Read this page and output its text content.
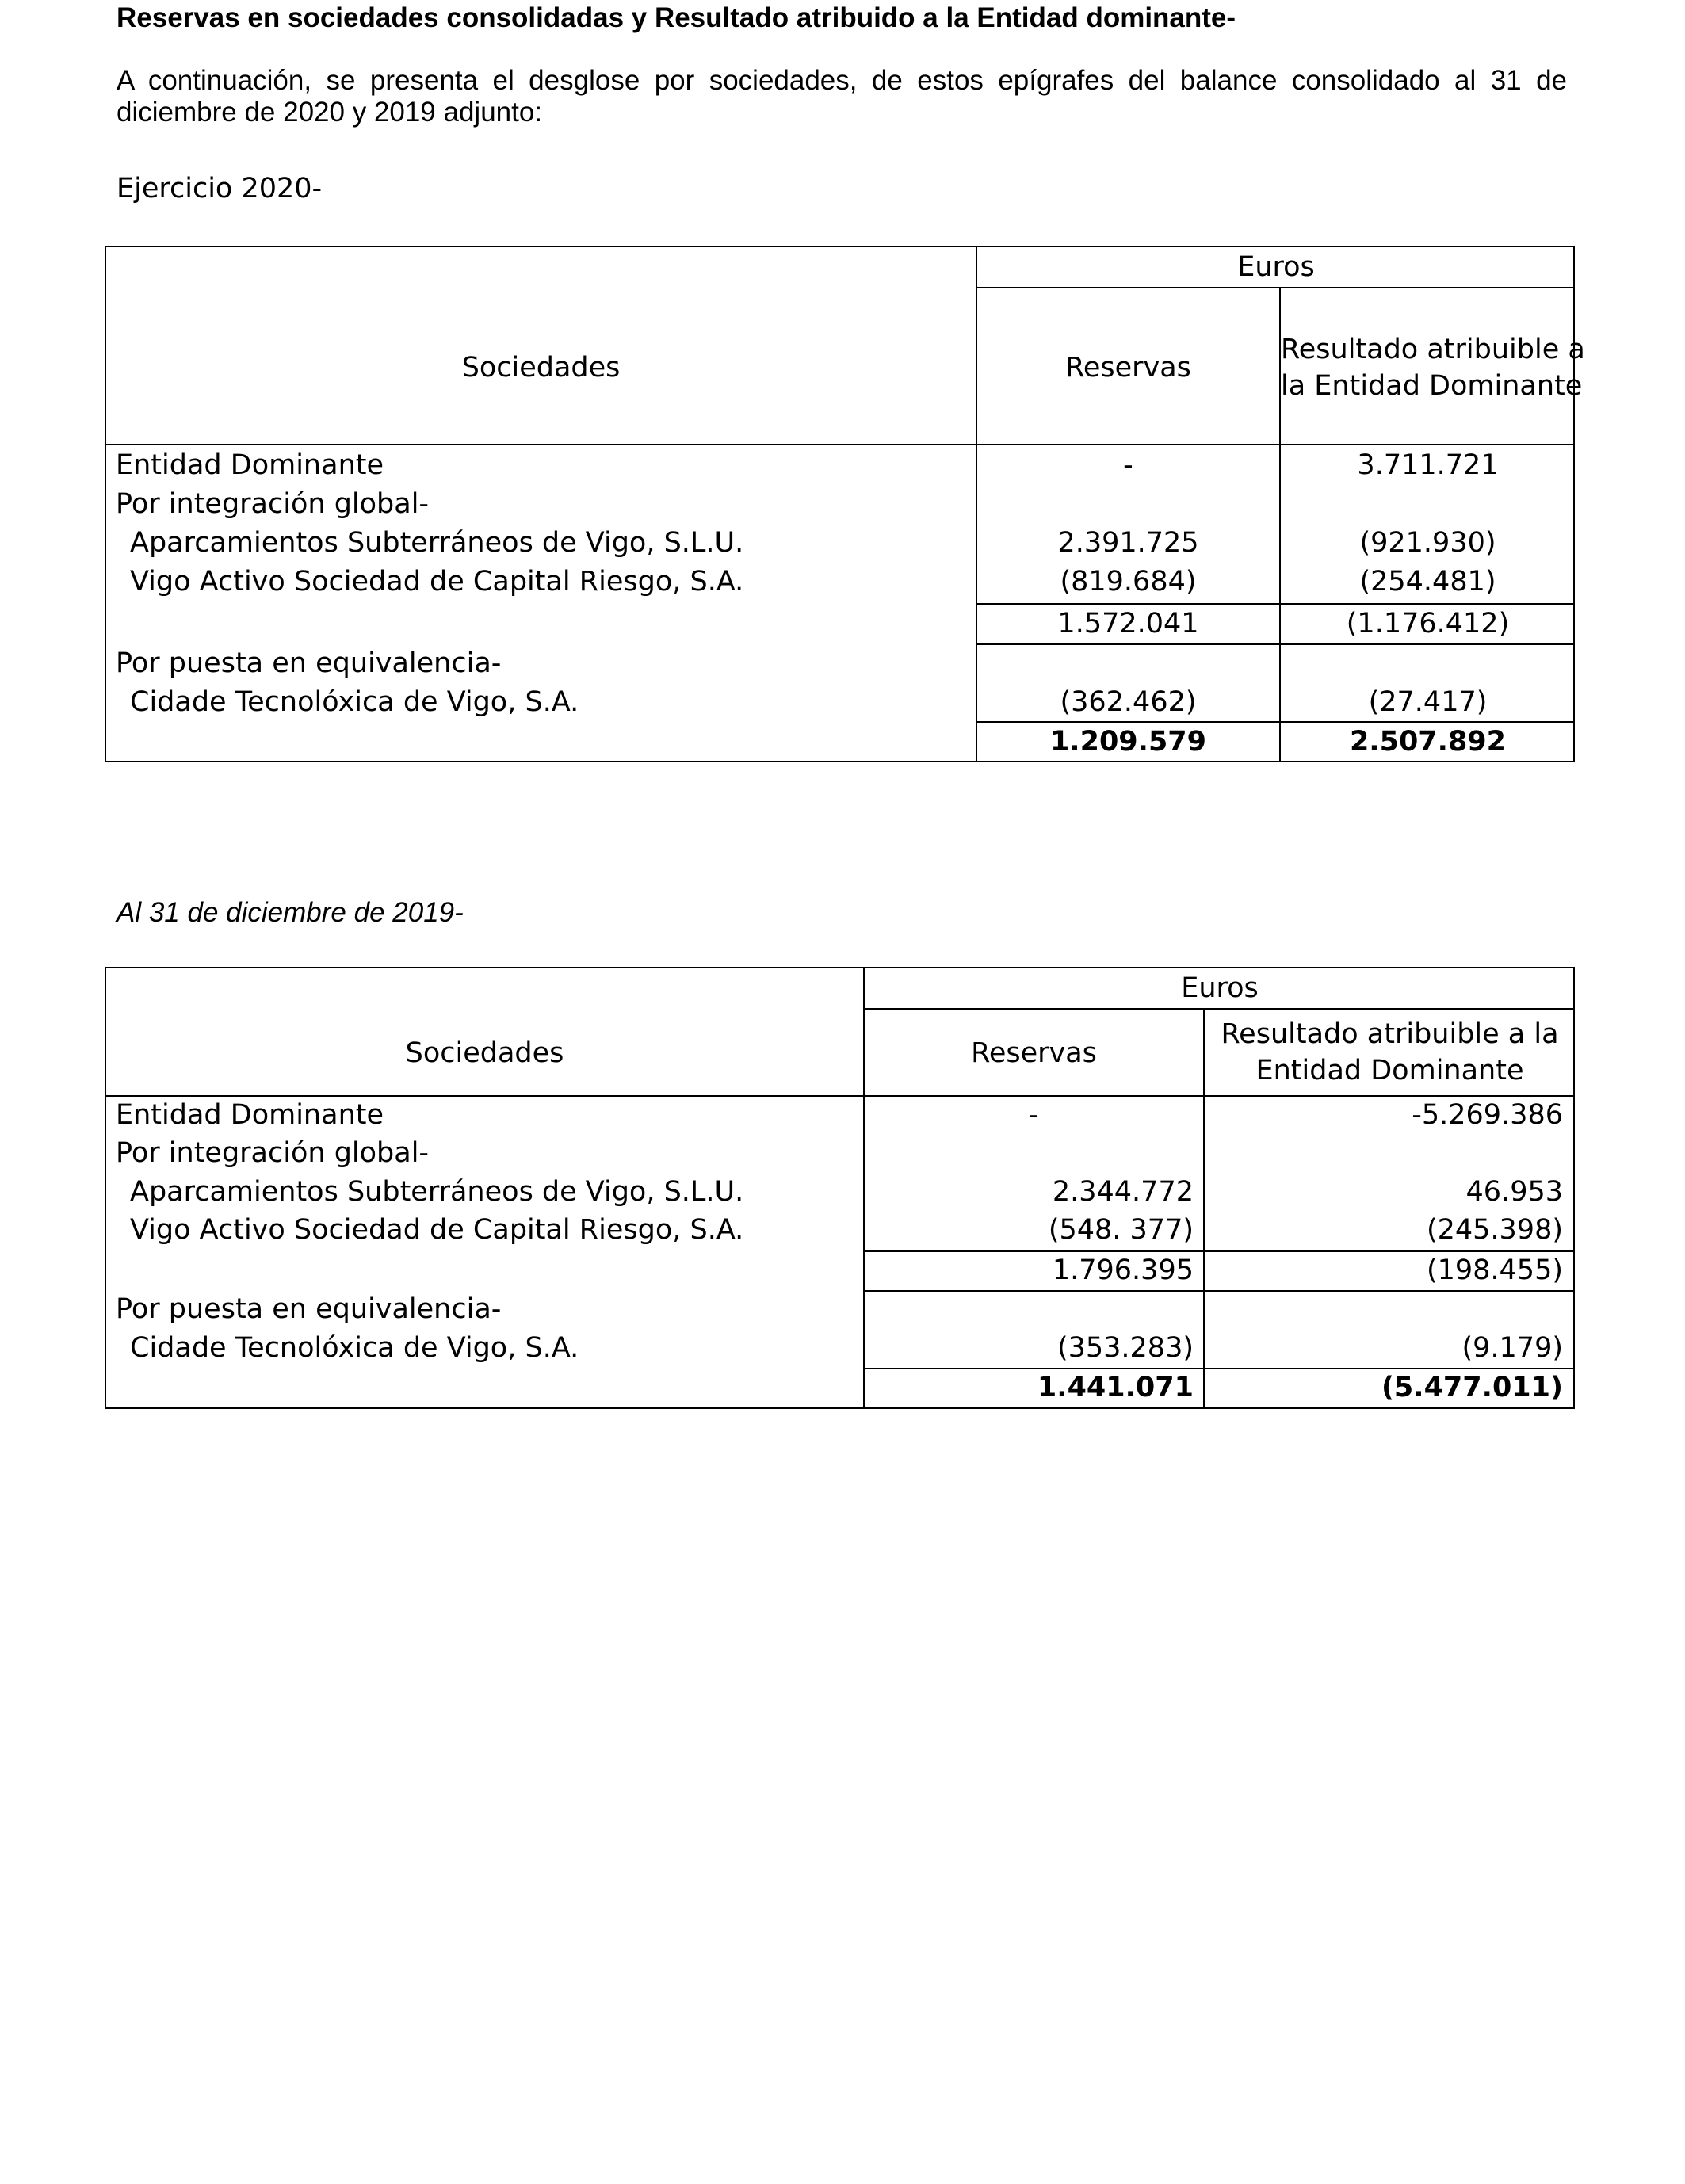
Reservas en sociedades consolidadas y Resultado atribuido a la Entidad dominante-
A continuación, se presenta el desglose por sociedades, de estos epígrafes del balance consolidado al 31 de
diciembre de 2020 y 2019 adjunto:
Ejercicio 2020-
Euros
Sociedades	Reservas
Resultado atribuible a
la Entidad Dominante
Entidad Dominante	-	3.711.721
Por integración global-
Aparcamientos Subterráneos de Vigo, S.L.U.	2.391.725	(921.930)
Vigo Activo Sociedad de Capital Riesgo, S.A.	(819.684)	(254.481)
1.572.041	(1.176.412)
Por puesta en equivalencia-
Cidade Tecnolóxica de Vigo, S.A.	(362.462)	(27.417)
1.209.579	2.507.892
Al 31 de diciembre de 2019-
Euros
Sociedades	Reservas
Resultado atribuible a la
Entidad Dominante
Entidad Dominante	-	-5.269.386
Por integración global-
Aparcamientos Subterráneos de Vigo, S.L.U.	2.344.772	46.953
Vigo Activo Sociedad de Capital Riesgo, S.A.	(548. 377)	(245.398)
1.796.395	(198.455)
Por puesta en equivalencia-
Cidade Tecnolóxica de Vigo, S.A.	(353.283)	(9.179)
1.441.071	(5.477.011)
